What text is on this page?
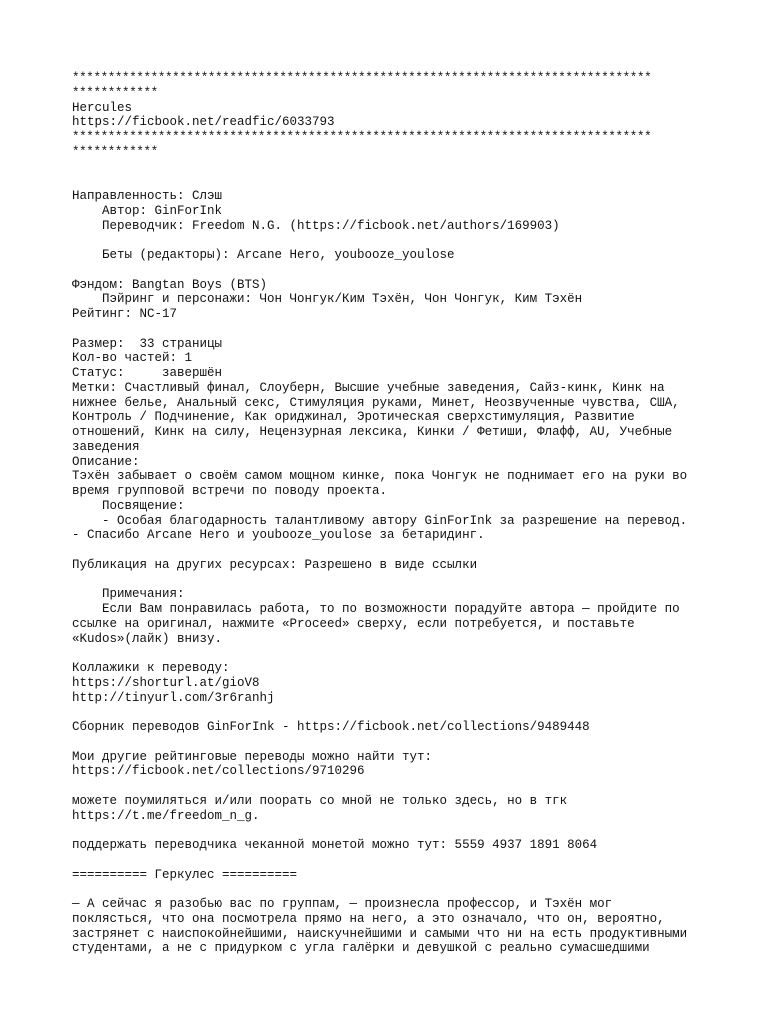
*********************************************************************************
************
Hercules
https://ficbook.net/readfic/6033793
*********************************************************************************
************
Направленность: Слэш
Автор: GinForInk
Переводчик: Freedom N.G. (https://ficbook.net/authors/169903)
Беты (редакторы): Arcane Hero, youbooze_youlose
Фэндом: Bangtan Boys (BTS)
Пэйринг и персонажи: Чон Чонгук/Ким Тэхён, Чон Чонгук, Ким Тэхён
Рейтинг: NC-17
Размер:  33 страницы
Кол-во частей: 1
Статус:     завершён
Метки: Счастливый финал, Слоуберн, Высшие учебные заведения, Сайз-кинк, Кинк на
нижнее белье, Анальный секс, Стимуляция руками, Минет, Неозвученные чувства, США,
Контроль / Подчинение, Как ориджинал, Эротическая сверхстимуляция, Развитие
отношений, Кинк на силу, Нецензурная лексика, Кинки / Фетиши, Флафф, AU, Учебные
заведения
Описание:
Тэхён забывает о своём самом мощном кинке, пока Чонгук не поднимает его на руки во
время групповой встречи по поводу проекта.
Посвящение:
- Особая благодарность талантливому автору GinForInk за разрешение на перевод.
- Спасибо Arcane Hero и youbooze_youlose за бетаридинг.
Публикация на других ресурсах: Разрешено в виде ссылки
Примечания:
Если Вам понравилась работа, то по возможности порадуйте автора — пройдите по
ссылке на оригинал, нажмите «Proceed» сверху, если потребуется, и поставьте
«Kudos»(лайк) внизу.
Коллажики к переводу:
https://shorturl.at/gioV8
http://tinyurl.com/3r6ranhj
Сборник переводов GinForInk - https://ficbook.net/collections/9489448
Мои другие рейтинговые переводы можно найти тут:
https://ficbook.net/collections/9710296
можете поумиляться и/или поорать со мной не только здесь, но в тгк
https://t.me/freedom_n_g.
поддержать переводчика чеканной монетой можно тут: 5559 4937 1891 8064
========== Геркулес ==========
— А сейчас я разобью вас по группам, — произнесла профессор, и Тэхён мог
поклясться, что она посмотрела прямо на него, а это означало, что он, вероятно,
застрянет с наиспокойнейшими, наискучнейшими и самыми что ни на есть продуктивными
студентами, а не с придурком с угла галёрки и девушкой с реально сумасшедшими
